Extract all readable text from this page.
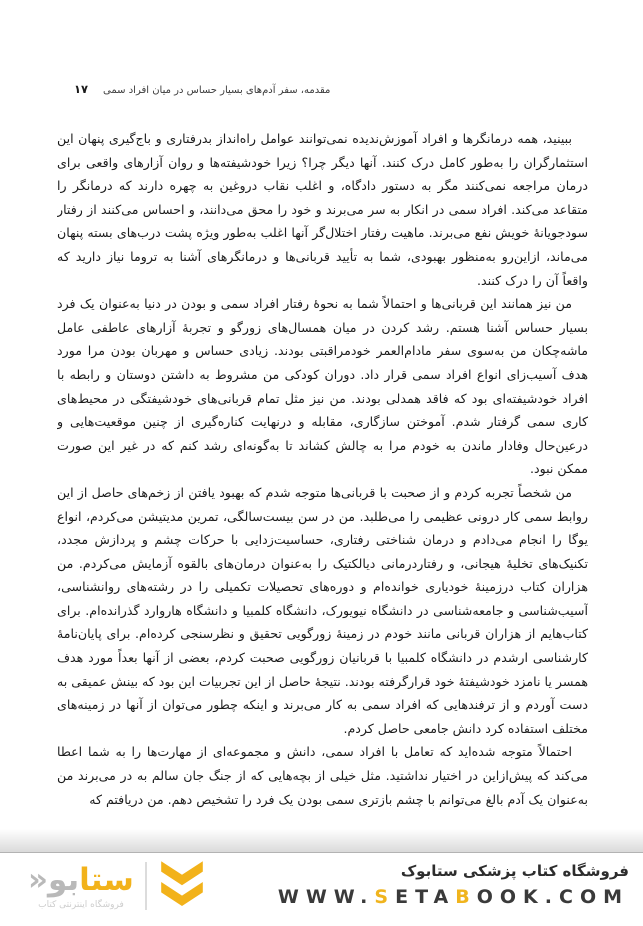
مقدمه، سفر آدم‌های بسیار حساس در میان افراد سمی
۱۷

ببینید، همه درمانگرها و افراد آموزش‌ندیده نمی‌توانند عوامل راه‌انداز بدرفتاری و باج‌گیری پنهان این استثمارگران را به‌طور کامل درک کنند. آنها دیگر چرا؟ زیرا خودشیفته‌ها و روان آزارهای واقعی برای درمان مراجعه نمی‌کنند مگر به دستور دادگاه، و اغلب نقاب دروغین به چهره دارند که درمانگر را متقاعد می‌کند. افراد سمی در انکار به سر می‌برند و خود را محق می‌دانند، و احساس می‌کنند از رفتار سودجویانهٔ خویش نفع می‌برند. ماهیت رفتار اختلال‌گر آنها اغلب به‌طور ویژه پشت درب‌های بسته پنهان می‌ماند، ازاین‌رو به‌منظور بهبودی، شما به تأیید قربانی‌ها و درمانگرهای آشنا به تروما نیاز دارید که واقعاً آن را درک کنند.

من نیز همانند این قربانی‌ها و احتمالاً شما به نحوهٔ رفتار افراد سمی و بودن در دنیا به‌عنوان یک فرد بسیار حساس آشنا هستم. رشد کردن در میان همسال‌های زورگو و تجربهٔ آزارهای عاطفی عامل ماشه‌چکان من به‌سوی سفر مادام‌العمر خودمراقبتی بودند. زیادی حساس و مهربان بودن مرا مورد هدف آسیب‌زای انواع افراد سمی قرار داد. دوران کودکی من مشروط به داشتن دوستان و رابطه با افراد خودشیفته‌ای بود که فاقد همدلی بودند. من نیز مثل تمام قربانی‌های خودشیفتگی در محیط‌های کاری سمی گرفتار شدم. آموختن سازگاری، مقابله و درنهایت کناره‌گیری از چنین موقعیت‌هایی و درعین‌حال وفادار ماندن به خودم مرا به چالش کشاند تا به‌گونه‌ای رشد کنم که در غیر این صورت ممکن نبود.

من شخصاً تجربه کردم و از صحبت با قربانی‌ها متوجه شدم که بهبود یافتن از زخم‌های حاصل از این روابط سمی کار درونی عظیمی را می‌طلبد. من در سن بیست‌سالگی، تمرین مدیتیشن می‌کردم، انواع یوگا را انجام می‌دادم و درمان شناختی رفتاری، حساسیت‌زدایی با حرکات چشم و پردازش مجدد، تکنیک‌های تخلیهٔ هیجانی، و رفتاردرمانی دیالکتیک را به‌عنوان درمان‌های بالقوه آزمایش می‌کردم. من هزاران کتاب درزمینهٔ خودیاری خوانده‌ام و دوره‌های تحصیلات تکمیلی را در رشته‌های روانشناسی، آسیب‌شناسی و جامعه‌شناسی در دانشگاه نیویورک، دانشگاه کلمبیا و دانشگاه هاروارد گذرانده‌ام. برای کتاب‌هایم از هزاران قربانی مانند خودم در زمینهٔ زورگویی تحقیق و نظرسنجی کرده‌ام. برای پایان‌نامهٔ کارشناسی ارشدم در دانشگاه کلمبیا با قربانیان زورگویی صحبت کردم، بعضی از آنها بعداً مورد هدف همسر یا نامزد خودشیفتهٔ خود قرارگرفته بودند. نتیجهٔ حاصل از این تجربیات این بود که بینش عمیقی به دست آوردم و از ترفندهایی که افراد سمی به کار می‌برند و اینکه چطور می‌توان از آنها در زمینه‌های مختلف استفاده کرد دانش جامعی حاصل کردم.

احتمالاً متوجه شده‌اید که تعامل با افراد سمی، دانش و مجموعه‌ای از مهارت‌ها را به شما اعطا می‌کند که پیش‌ازاین در اختیار نداشتید. مثل خیلی از بچه‌هایی که از جنگ جان سالم به در می‌برند من به‌عنوان یک آدم بالغ می‌توانم با چشم بازتری سمی بودن یک فرد را تشخیص دهم. من دریافتم که

فروشگاه کتاب پزشکی ستابوک
WWW.SETABOOK.COM
ستابو«
فروشگاه اینترنتی کتاب
